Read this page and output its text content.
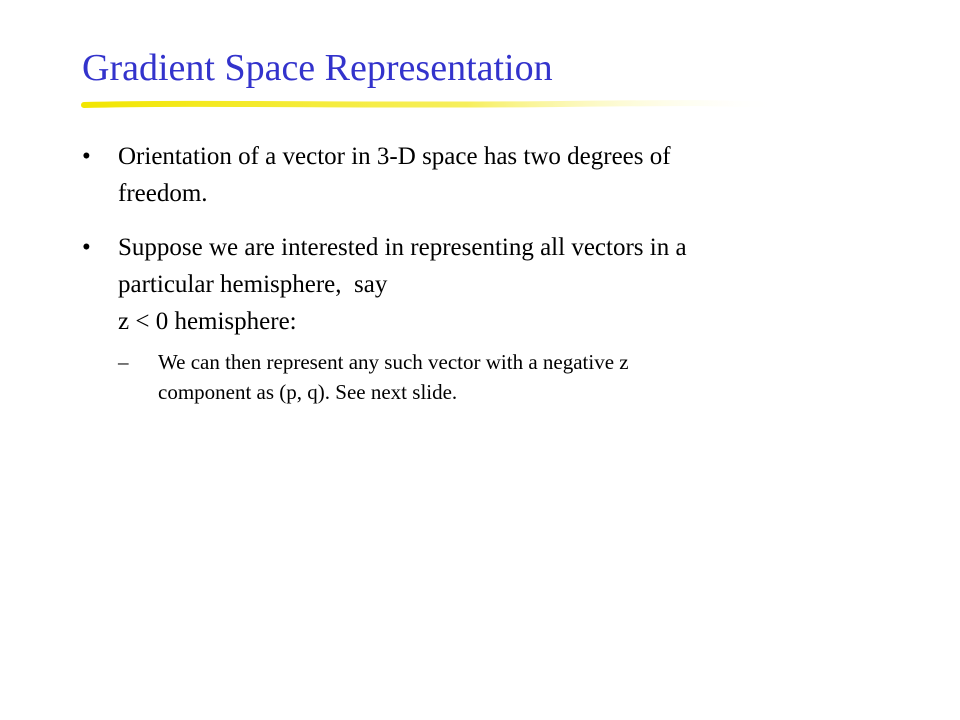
Gradient Space Representation
• Orientation of a vector in 3-D space has two degrees of
freedom.
• Suppose we are interested in representing all vectors in a
particular hemisphere,  say
z < 0 hemisphere:
– We can then represent any such vector with a negative z
component as (p, q). See next slide.
